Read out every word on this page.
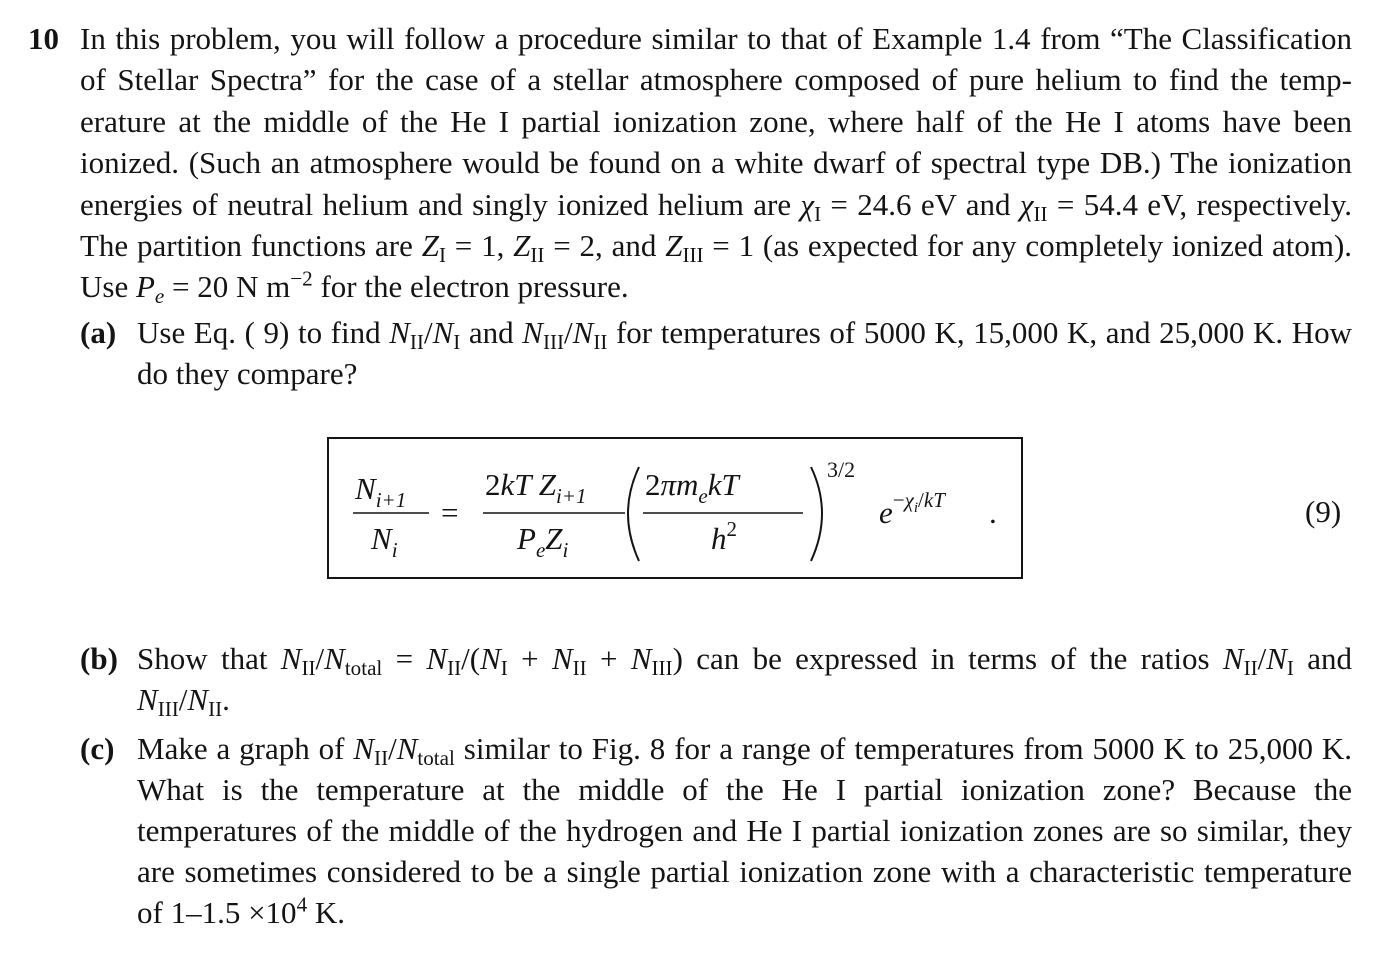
10 In this problem, you will follow a procedure similar to that of Example 1.4 from “The Classification of Stellar Spectra” for the case of a stellar atmosphere composed of pure helium to find the temp-erature at the middle of the He I partial ionization zone, where half of the He I atoms have been ionized. (Such an atmosphere would be found on a white dwarf of spectral type DB.) The ionization energies of neutral helium and singly ionized helium are $\chi_I = 24.6$ eV and $\chi_{II} = 54.4$ eV, respectively. The partition functions are $Z_I = 1$, $Z_{II} = 2$, and $Z_{III} = 1$ (as expected for any completely ionized atom). Use $P_e = 20$ N $m^{-2}$ for the electron pressure.
(a) Use Eq. ( 9) to find $N_{II}/N_I$ and $N_{III}/N_{II}$ for temperatures of 5000 K, 15,000 K, and 25,000 K. How do they compare?
$N_i+1$
$N_i$
=
2kT $Z_i+1$
$P_eZ_i$
$2\pi m_ekT$
$h^2$
3/2
e−χi/kT .	(9)
(b) Show that $N_{II}/N_{total} = N_{II}/(N_I + N_{II} + N_{III})$ can be expressed in terms of the ratios $N_{II}/N_I$ and $N_{III}/N_{II}$.
(c) Make a graph of $N_{II}/N_{total}$ similar to Fig. 8 for a range of temperatures from 5000 K to 25,000 K. What is the temperature at the middle of the He I partial ionization zone? Because the temperatures of the middle of the hydrogen and He I partial ionization zones are so similar, they are sometimes considered to be a single partial ionization zone with a characteristic temperature of $1-1.5 \times 10^4$ K.
